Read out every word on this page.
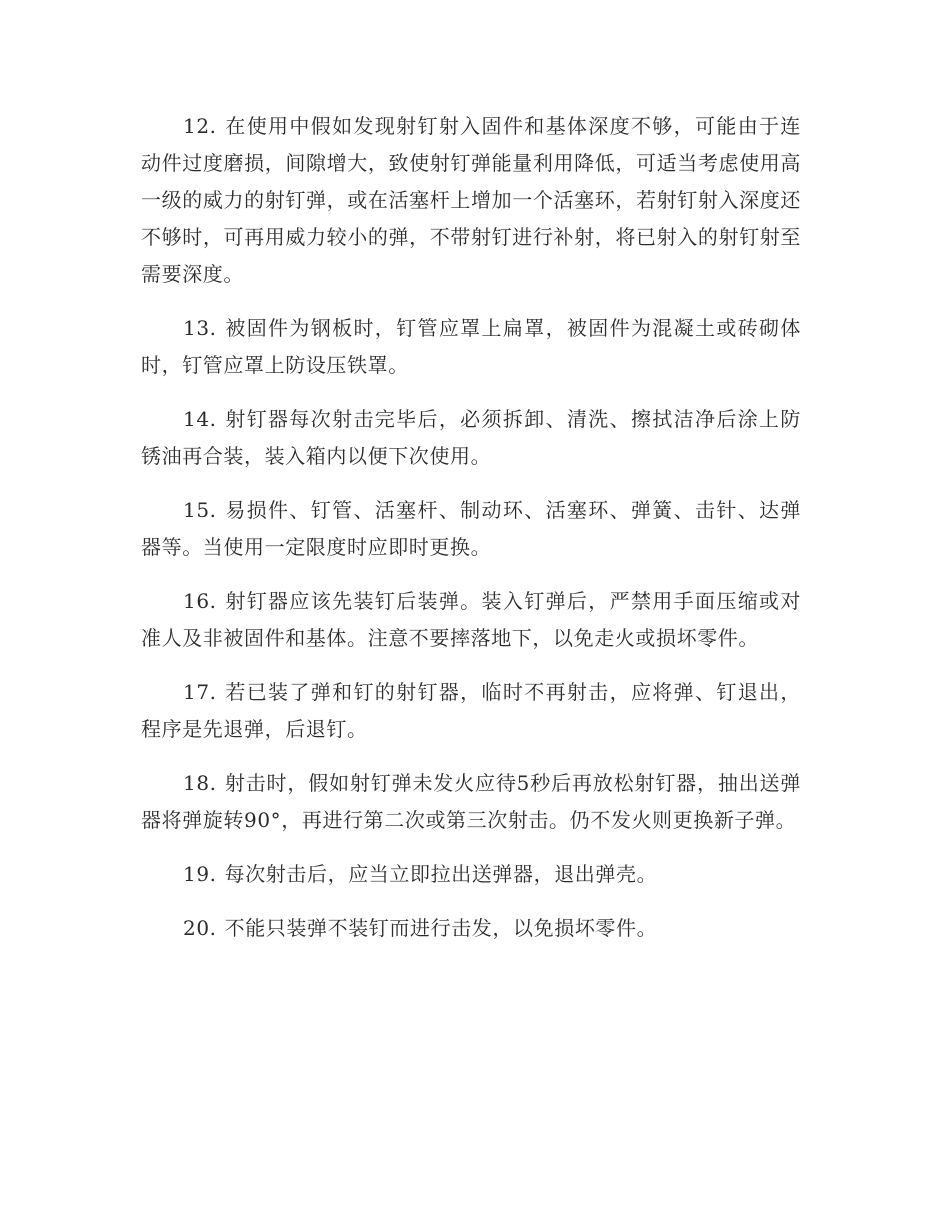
12. 在使用中假如发现射钉射入固件和基体深度不够，可能由于连动件过度磨损，间隙增大，致使射钉弹能量利用降低，可适当考虑使用高一级的威力的射钉弹，或在活塞杆上增加一个活塞环，若射钉射入深度还不够时，可再用威力较小的弹，不带射钉进行补射，将已射入的射钉射至需要深度。

13. 被固件为钢板时，钉管应罩上扁罩，被固件为混凝土或砖砌体时，钉管应罩上防设压铁罩。

14. 射钉器每次射击完毕后，必须拆卸、清洗、擦拭洁净后涂上防锈油再合装，装入箱内以便下次使用。

15. 易损件、钉管、活塞杆、制动环、活塞环、弹簧、击针、达弹器等。当使用一定限度时应即时更换。

16. 射钉器应该先装钉后装弹。装入钉弹后，严禁用手面压缩或对准人及非被固件和基体。注意不要摔落地下，以免走火或损坏零件。

17. 若已装了弹和钉的射钉器，临时不再射击，应将弹、钉退出，程序是先退弹，后退钉。

18. 射击时，假如射钉弹未发火应待5秒后再放松射钉器，抽出送弹器将弹旋转90°，再进行第二次或第三次射击。仍不发火则更换新子弹。

19. 每次射击后，应当立即拉出送弹器，退出弹壳。

20. 不能只装弹不装钉而进行击发，以免损坏零件。
